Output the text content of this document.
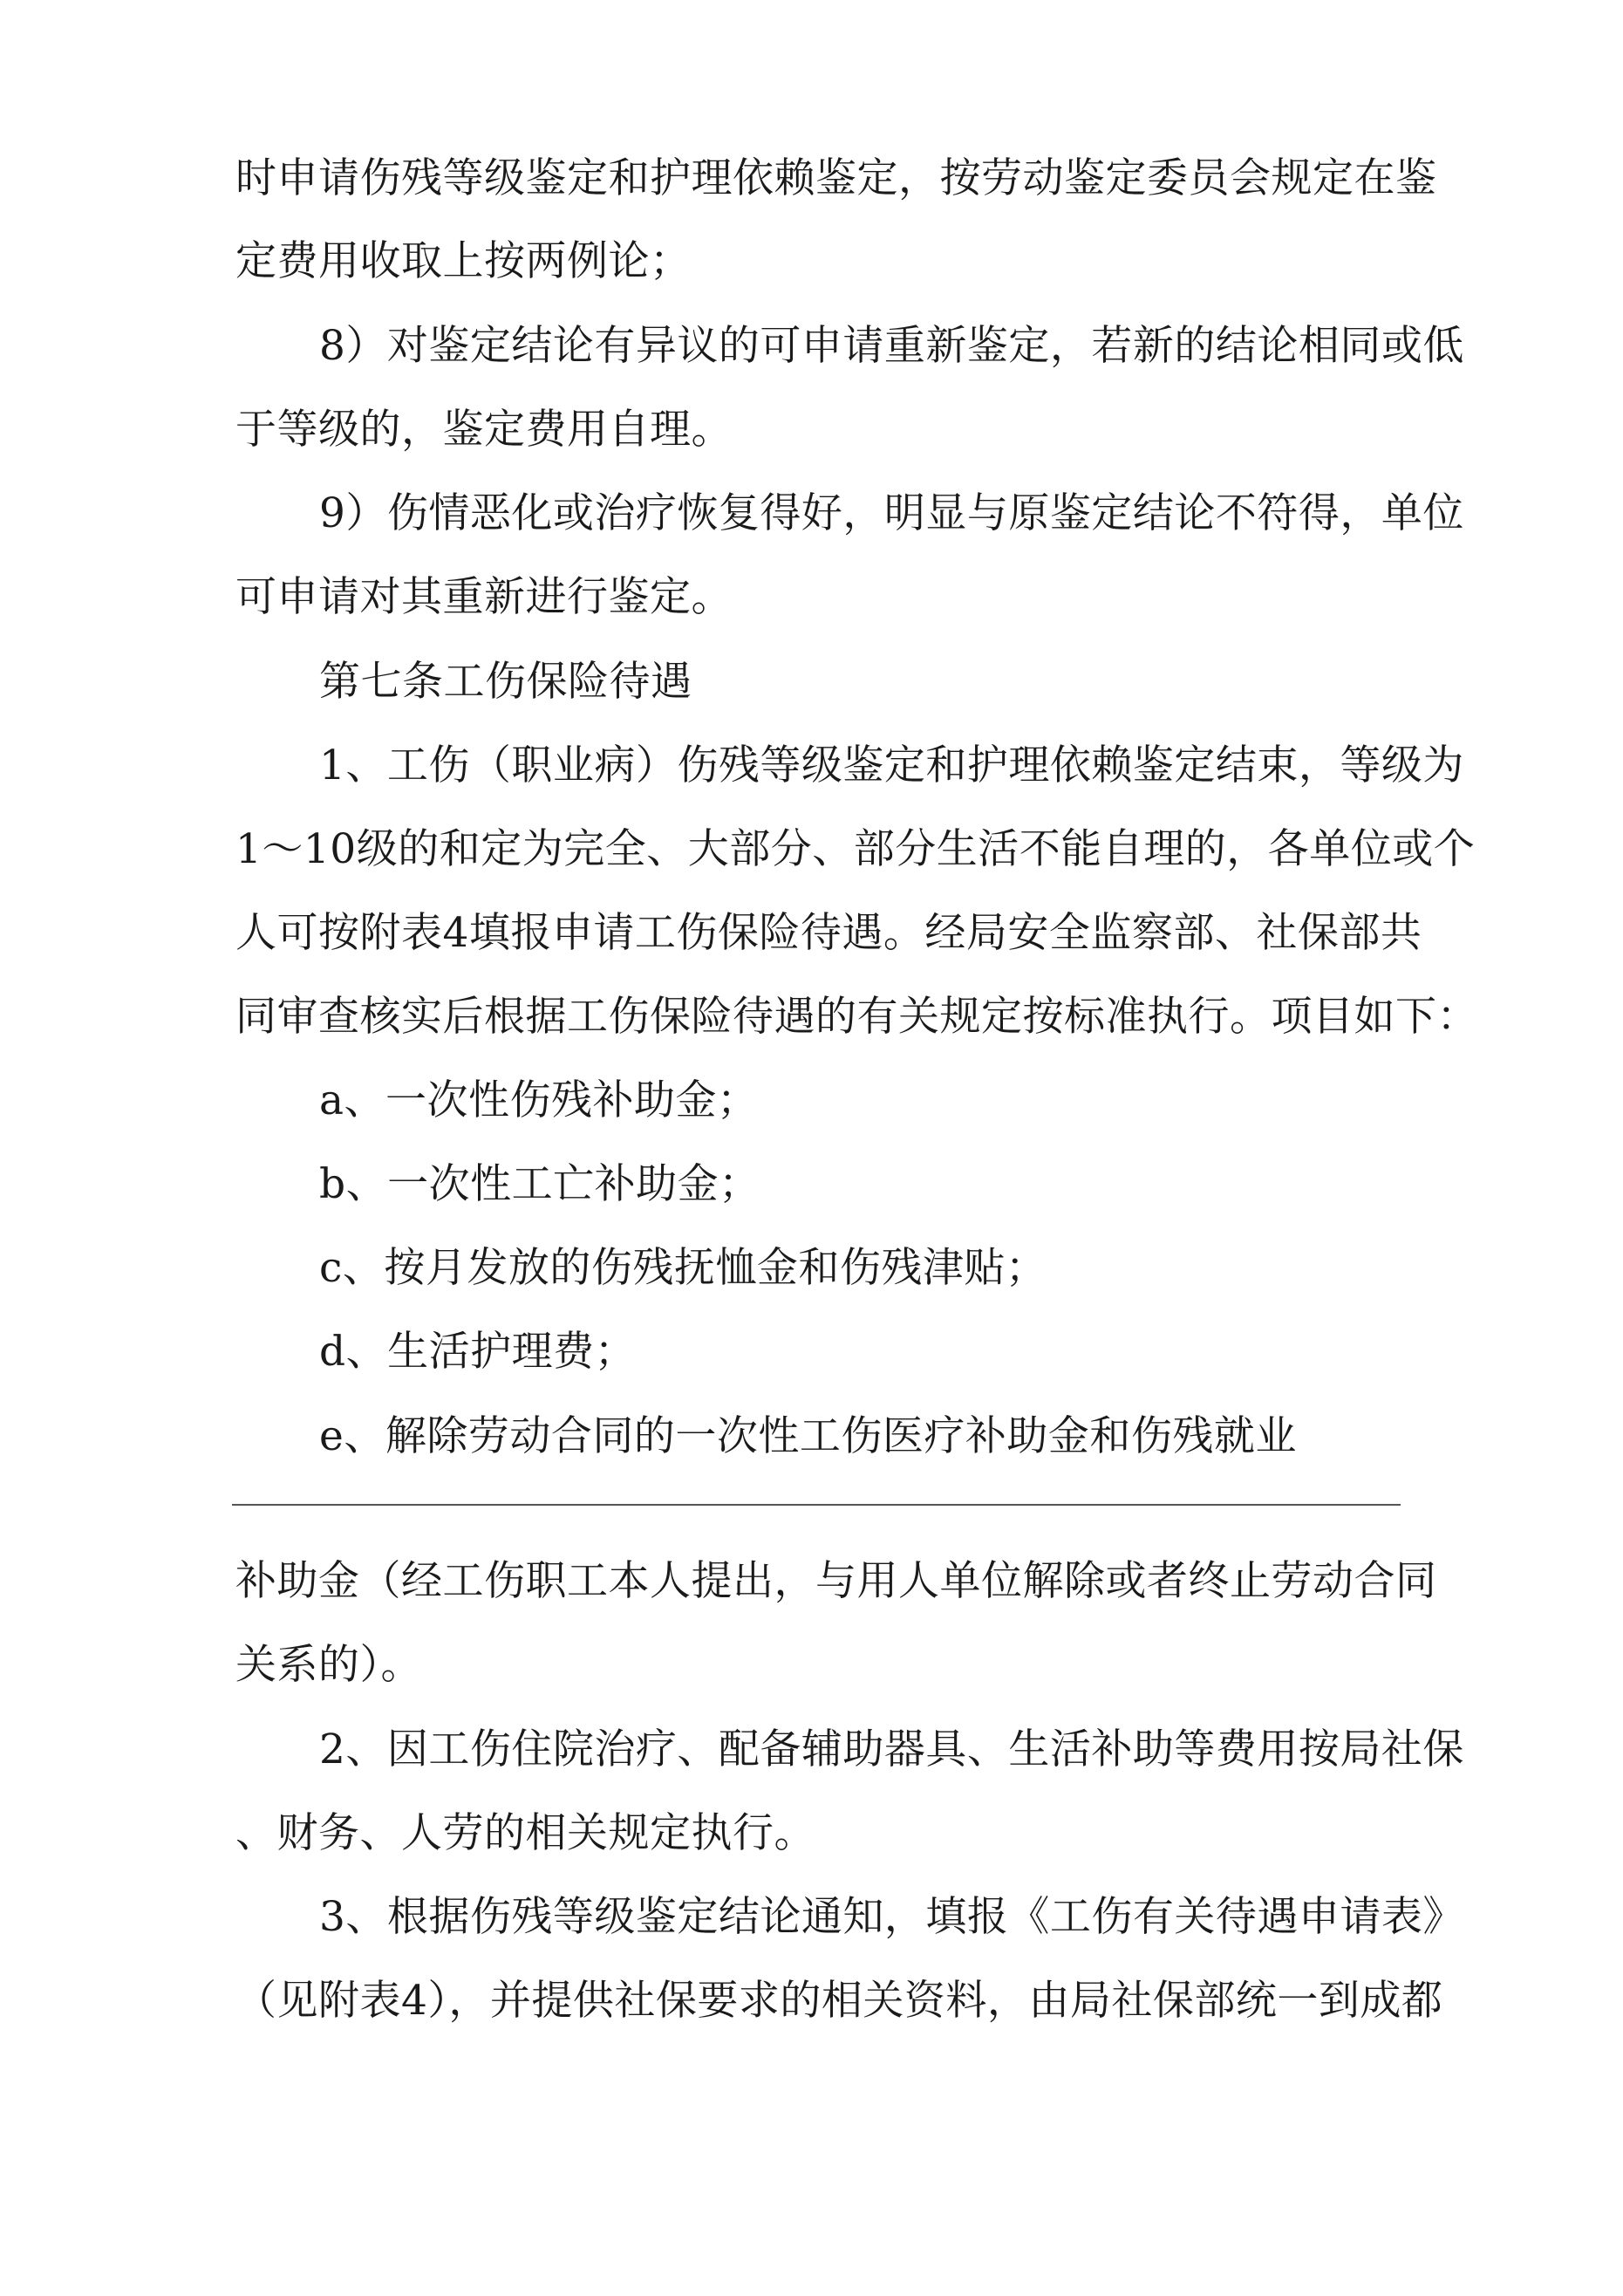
时申请伤残等级鉴定和护理依赖鉴定，按劳动鉴定委员会规定在鉴
定费用收取上按两例论；
8）对鉴定结论有异议的可申请重新鉴定，若新的结论相同或低
于等级的，鉴定费用自理。
9）伤情恶化或治疗恢复得好，明显与原鉴定结论不符得，单位
可申请对其重新进行鉴定。
第七条工伤保险待遇
1、工伤（职业病）伤残等级鉴定和护理依赖鉴定结束，等级为
1〜10级的和定为完全、大部分、部分生活不能自理的，各单位或个
人可按附表4填报申请工伤保险待遇。经局安全监察部、社保部共
同审查核实后根据工伤保险待遇的有关规定按标准执行。项目如下：
a、一次性伤残补助金；
b、一次性工亡补助金；
c、按月发放的伤残抚恤金和伤残津贴；
d、生活护理费；
e、解除劳动合同的一次性工伤医疗补助金和伤残就业
补助金（经工伤职工本人提出，与用人单位解除或者终止劳动合同
关系的）。
2、因工伤住院治疗、配备辅助器具、生活补助等费用按局社保
、财务、人劳的相关规定执行。
3、根据伤残等级鉴定结论通知，填报《工伤有关待遇申请表》
（见附表4），并提供社保要求的相关资料，由局社保部统一到成都
